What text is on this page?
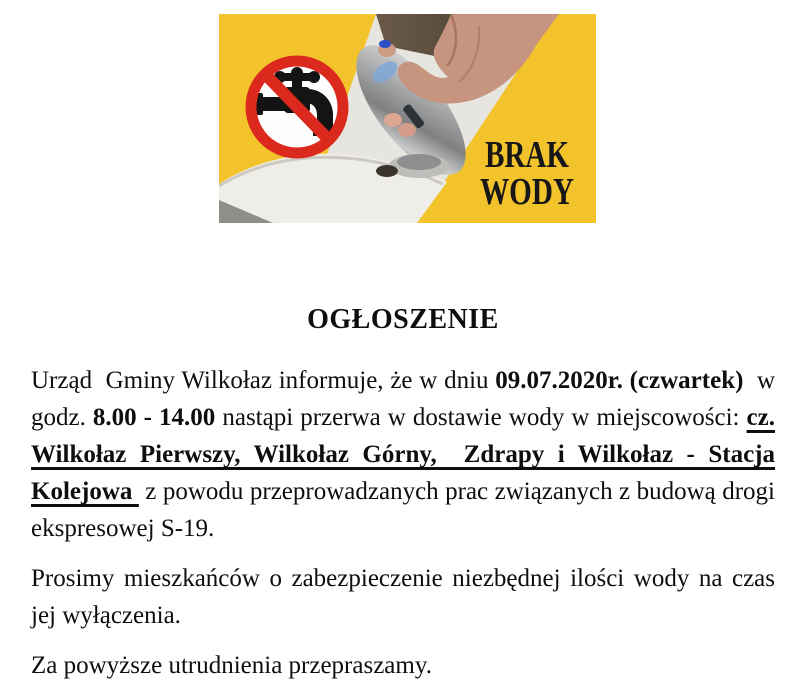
BRAK
WODY
OGŁOSZENIE

Urząd  Gminy Wilkołaz informuje, że w dniu 09.07.2020r. (czwartek)  w godz. 8.00 - 14.00 nastąpi przerwa w dostawie wody w miejscowości: cz. Wilkołaz Pierwszy, Wilkołaz Górny,  Zdrapy i Wilkołaz - Stacja Kolejowa  z powodu przeprowadzanych prac związanych z budową drogi ekspresowej S-19.

Prosimy mieszkańców o zabezpieczenie niezbędnej ilości wody na czas jej wyłączenia.

Za powyższe utrudnienia przepraszamy.
